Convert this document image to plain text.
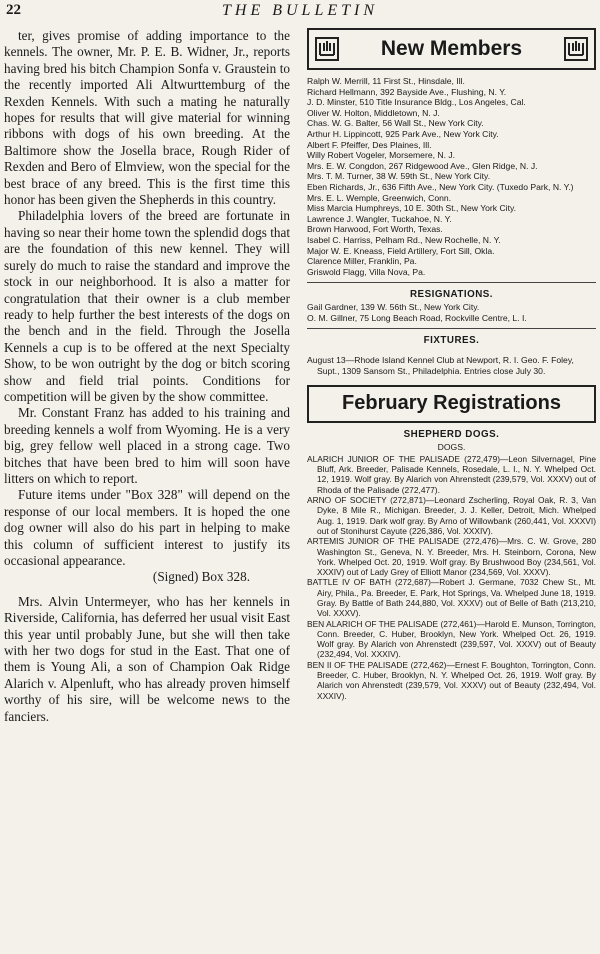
22	THE BULLETIN

ter, gives promise of adding importance to the kennels. The owner, Mr. P. E. B. Widner, Jr., reports having bred his bitch Champion Sonfa v. Graustein to the recently imported Ali Altwurttemburg of the Rexden Kennels. With such a mating he naturally hopes for results that will give material for winning ribbons with dogs of his own breeding. At the Baltimore show the Josella brace, Rough Rider of Rexden and Bero of Elmview, won the special for the best brace of any breed. This is the first time this honor has been given the Shepherds in this country.

Philadelphia lovers of the breed are fortunate in having so near their home town the splendid dogs that are the foundation of this new kennel. They will surely do much to raise the standard and improve the stock in our neighborhood. It is also a matter for congratulation that their owner is a club member ready to help further the best interests of the dogs on the bench and in the field. Through the Josella Kennels a cup is to be offered at the next Specialty Show, to be won outright by the dog or bitch scoring show and field trial points. Conditions for competition will be given by the show committee.

Mr. Constant Franz has added to his training and breeding kennels a wolf from Wyoming. He is a very big, grey fellow well placed in a strong cage. Two bitches that have been bred to him will soon have litters on which to report.

Future items under "Box 328" will depend on the response of our local members. It is hoped the one dog owner will also do his part in helping to make this column of sufficient interest to justify its occasional appearance.

(Signed) Box 328.

Mrs. Alvin Untermeyer, who has her kennels in Riverside, California, has deferred her usual visit East this year until probably June, but she will then take with her two dogs for stud in the East. That one of them is Young Ali, a son of Champion Oak Ridge Alarich v. Alpenluft, who has already proven himself worthy of his sire, will be welcome news to the fanciers.

New Members

Ralph W. Merrill, 11 First St., Hinsdale, Ill.

Richard Hellmann, 392 Bayside Ave., Flushing, N. Y.

J. D. Minster, 510 Title Insurance Bldg., Los Angeles, Cal.

Oliver W. Holton, Middletown, N. J.

Chas. W. G. Balter, 56 Wall St., New York City.

Arthur H. Lippincott, 925 Park Ave., New York City.

Albert F. Pfeiffer, Des Plaines, Ill.

Willy Robert Vogeler, Morsemere, N. J.

Mrs. E. W. Congdon, 267 Ridgewood Ave., Glen Ridge, N. J.

Mrs. T. M. Turner, 38 W. 59th St., New York City.

Eben Richards, Jr., 636 Fifth Ave., New York City. (Tuxedo Park, N. Y.)

Mrs. E. L. Wemple, Greenwich, Conn.

Miss Marcia Humphreys, 10 E. 30th St., New York City.

Lawrence J. Wangler, Tuckahoe, N. Y.

Brown Harwood, Fort Worth, Texas.

Isabel C. Harriss, Pelham Rd., New Rochelle, N. Y.

Major W. E. Kneass, Field Artillery, Fort Sill, Okla.

Clarence Miller, Franklin, Pa.

Griswold Flagg, Villa Nova, Pa.

RESIGNATIONS.

Gail Gardner, 139 W. 56th St., New York City.

O. M. Gillner, 75 Long Beach Road, Rockville Centre, L. I.

FIXTURES.

August 13—Rhode Island Kennel Club at Newport, R. I. Geo. F. Foley, Supt., 1309 Sansom St., Philadelphia. Entries close July 30.

February Registrations
SHEPHERD DOGS.
DOGS.

ALARICH JUNIOR OF THE PALISADE (272,479)—Leon Silvernagel, Pine Bluff, Ark. Breeder, Palisade Kennels, Rosedale, L. I., N. Y. Whelped Oct. 12, 1919. Wolf gray. By Alarich von Ahrenstedt (239,579, Vol. XXXV) out of Rhoda of the Palisade (272,477).

ARNO OF SOCIETY (272,871)—Leonard Zscherling, Royal Oak, R. 3, Van Dyke, 8 Mile R., Michigan. Breeder, J. J. Keller, Detroit, Mich. Whelped Aug. 1, 1919. Dark wolf gray. By Arno of Willowbank (260,441, Vol. XXXVI) out of Stonihurst Cayute (226,386, Vol. XXXIV).

ARTEMIS JUNIOR OF THE PALISADE (272,476)—Mrs. C. W. Grove, 280 Washington St., Geneva, N. Y. Breeder, Mrs. H. Steinborn, Corona, New York. Whelped Oct. 20, 1919. Wolf gray. By Brushwood Boy (234,561, Vol. XXXIV) out of Lady Grey of Elliott Manor (234,569, Vol. XXXV).

BATTLE IV OF BATH (272,687)—Robert J. Germane, 7032 Chew St., Mt. Airy, Phila., Pa. Breeder, E. Park, Hot Springs, Va. Whelped June 18, 1919. Gray. By Battle of Bath 244,880, Vol. XXXV) out of Belle of Bath (213,210, Vol. XXXV).

BEN ALARICH OF THE PALISADE (272,461)—Harold E. Munson, Torrington, Conn. Breeder, C. Huber, Brooklyn, New York. Whelped Oct. 26, 1919. Wolf gray. By Alarich von Ahrenstedt (239,597, Vol. XXXV) out of Beauty (232,494, Vol. XXXIV).

BEN II OF THE PALISADE (272,462)—Ernest F. Boughton, Torrington, Conn. Breeder, C. Huber, Brooklyn, N. Y. Whelped Oct. 26, 1919. Wolf gray. By Alarich von Ahrenstedt (239,579, Vol. XXXV) out of Beauty (232,494, Vol. XXXIV).
